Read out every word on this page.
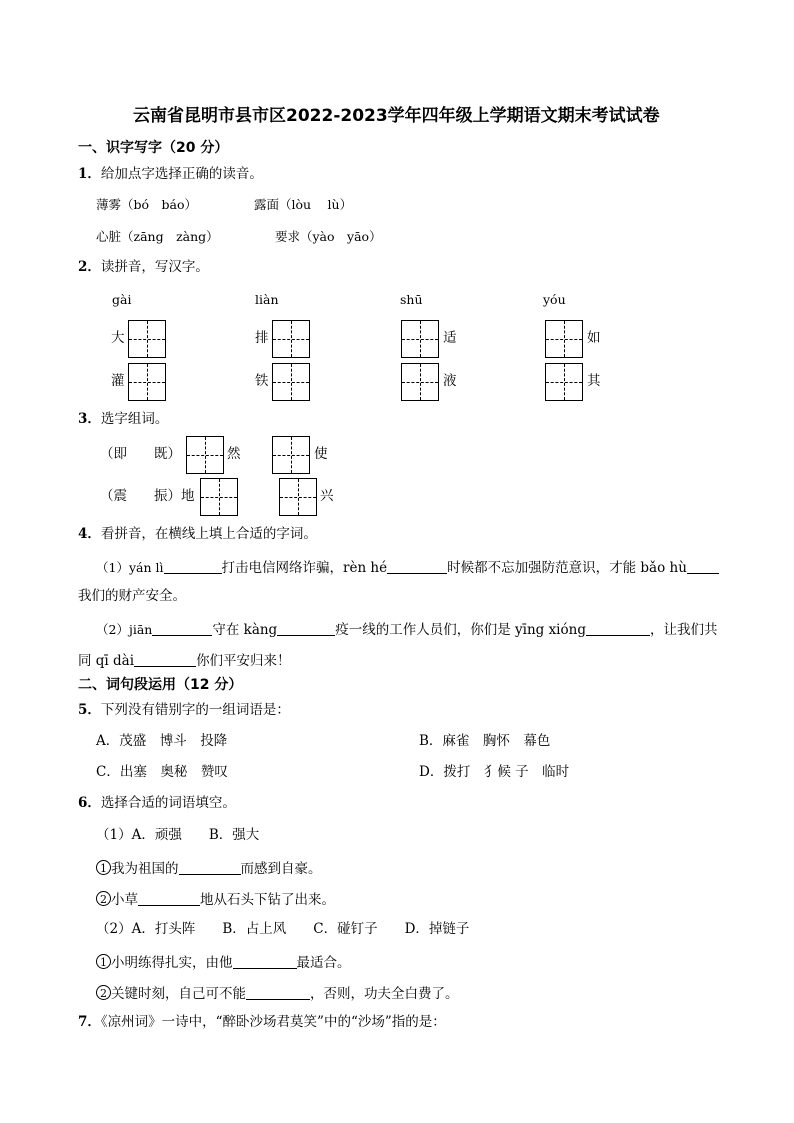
云南省昆明市县市区2022-2023学年四年级上学期语文期末考试试卷
一、识字写字（20 分）
1．给加点字选择正确的读音。
薄雾（bó　báo）	露面（lòu　 lù）
心脏（zāng　zàng）	要求（yào　yāo）
2．读拼音，写汉字。
gài	liàn	shū	yóu
大	排	适	如
灌	铁	液	其
3．选字组词。
（即　　既）	然	使
（震　　振）地	兴
4．看拼音，在横线上填上合适的字词。
（1）yán lì	打击电信网络诈骗，rèn hé	时候都不忘加强防范意识，才能 bǎo hù
我们的财产安全。
（2）jiān	守在 kàng	疫一线的工作人员们，你们是 yīng xióng	，让我们共
同 qī dài	你们平安归来！
二、词句段运用（12 分）
5．下列没有错别字的一组词语是：
A．茂盛　博斗　投降	B．麻雀　胸怀　幕色
C．出塞　奥秘　赞叹	D．拨打　犭候 子　临时
6．选择合适的词语填空。
（1）A．顽强　　B．强大
1 我为祖国的	而感到自豪。
2 小草	地从石头下钻了出来。
（2）A．打头阵　　B．占上风　　C．碰钉子　　D．掉链子
1 小明练得扎实，由他	最适合。
2 关键时刻，自己可不能	，否则，功夫全白费了。
7．《凉州词》一诗中，“醉卧沙场君莫笑”中的“沙场”指的是：
